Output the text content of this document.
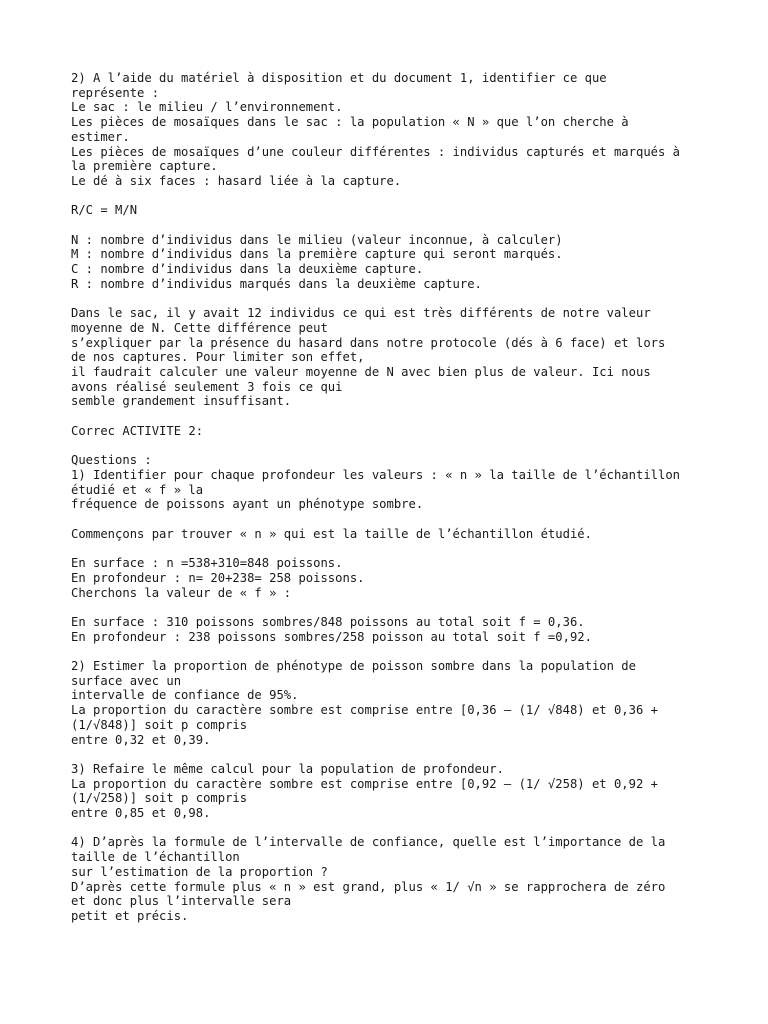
2) A l’aide du matériel à disposition et du document 1, identifier ce que
représente :
Le sac : le milieu / l’environnement.
Les pièces de mosaïques dans le sac : la population « N » que l’on cherche à
estimer.
Les pièces de mosaïques d’une couleur différentes : individus capturés et marqués à
la première capture.
Le dé à six faces : hasard liée à la capture.
R/C = M/N
N : nombre d’individus dans le milieu (valeur inconnue, à calculer)
M : nombre d’individus dans la première capture qui seront marqués.
C : nombre d’individus dans la deuxième capture.
R : nombre d’individus marqués dans la deuxième capture.
Dans le sac, il y avait 12 individus ce qui est très différents de notre valeur
moyenne de N. Cette différence peut
s’expliquer par la présence du hasard dans notre protocole (dés à 6 face) et lors
de nos captures. Pour limiter son effet,
il faudrait calculer une valeur moyenne de N avec bien plus de valeur. Ici nous
avons réalisé seulement 3 fois ce qui
semble grandement insuffisant.
Correc ACTIVITE 2:
Questions :
1) Identifier pour chaque profondeur les valeurs : « n » la taille de l’échantillon
étudié et « f » la
fréquence de poissons ayant un phénotype sombre.
Commençons par trouver « n » qui est la taille de l’échantillon étudié.
En surface : n =538+310=848 poissons.
En profondeur : n= 20+238= 258 poissons.
Cherchons la valeur de « f » :
En surface : 310 poissons sombres/848 poissons au total soit f = 0,36.
En profondeur : 238 poissons sombres/258 poisson au total soit f =0,92.
2) Estimer la proportion de phénotype de poisson sombre dans la population de
surface avec un
intervalle de confiance de 95%.
La proportion du caractère sombre est comprise entre [0,36 – (1/ √848) et 0,36 +
(1/√848)] soit p compris
entre 0,32 et 0,39.
3) Refaire le même calcul pour la population de profondeur.
La proportion du caractère sombre est comprise entre [0,92 – (1/ √258) et 0,92 +
(1/√258)] soit p compris
entre 0,85 et 0,98.
4) D’après la formule de l’intervalle de confiance, quelle est l’importance de la
taille de l’échantillon
sur l’estimation de la proportion ?
D’après cette formule plus « n » est grand, plus « 1/ √n » se rapprochera de zéro
et donc plus l’intervalle sera
petit et précis.
